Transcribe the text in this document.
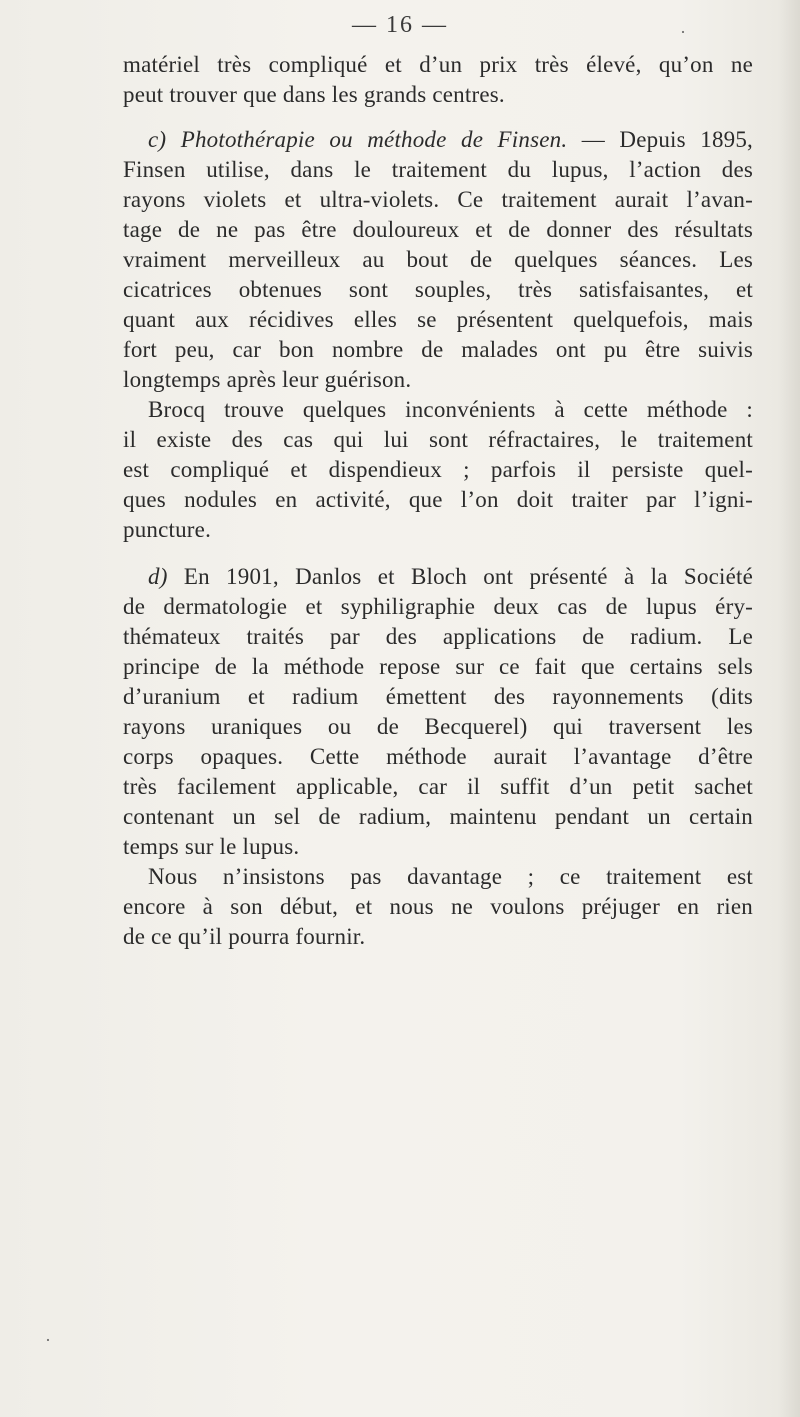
— 16 —
matériel très compliqué et d’un prix très élevé, qu’on ne
peut trouver que dans les grands centres.
c) Photothérapie ou méthode de Finsen. — Depuis 1895,
Finsen utilise, dans le traitement du lupus, l’action des
rayons violets et ultra-violets. Ce traitement aurait l’avan-
tage de ne pas être douloureux et de donner des résultats
vraiment merveilleux au bout de quelques séances. Les
cicatrices obtenues sont souples, très satisfaisantes, et
quant aux récidives elles se présentent quelquefois, mais
fort peu, car bon nombre de malades ont pu être suivis
longtemps après leur guérison.
Brocq trouve quelques inconvénients à cette méthode :
il existe des cas qui lui sont réfractaires, le traitement
est compliqué et dispendieux ; parfois il persiste quel-
ques nodules en activité, que l’on doit traiter par l’igni-
puncture.
d) En 1901, Danlos et Bloch ont présenté à la Société
de dermatologie et syphiligraphie deux cas de lupus éry-
thémateux traités par des applications de radium. Le
principe de la méthode repose sur ce fait que certains sels
d’uranium et radium émettent des rayonnements (dits
rayons uraniques ou de Becquerel) qui traversent les
corps opaques. Cette méthode aurait l’avantage d’être
très facilement applicable, car il suffit d’un petit sachet
contenant un sel de radium, maintenu pendant un certain
temps sur le lupus.
Nous n’insistons pas davantage ; ce traitement est
encore à son début, et nous ne voulons préjuger en rien
de ce qu’il pourra fournir.
·
·
